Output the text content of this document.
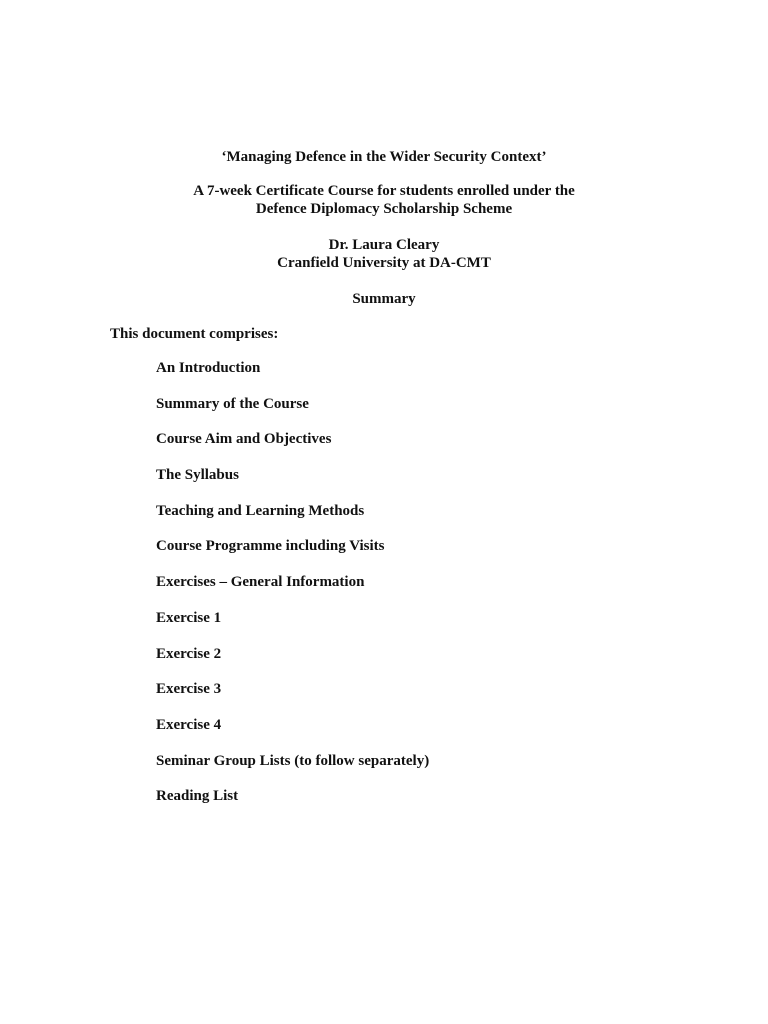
‘Managing Defence in the Wider Security Context’
A 7-week Certificate Course for students enrolled under the
Defence Diplomacy Scholarship Scheme
Dr. Laura Cleary
Cranfield University at DA-CMT
Summary
This document comprises:
An Introduction
Summary of the Course
Course Aim and Objectives
The Syllabus
Teaching and Learning Methods
Course Programme including Visits
Exercises – General Information
Exercise 1
Exercise 2
Exercise 3
Exercise 4
Seminar Group Lists (to follow separately)
Reading List
